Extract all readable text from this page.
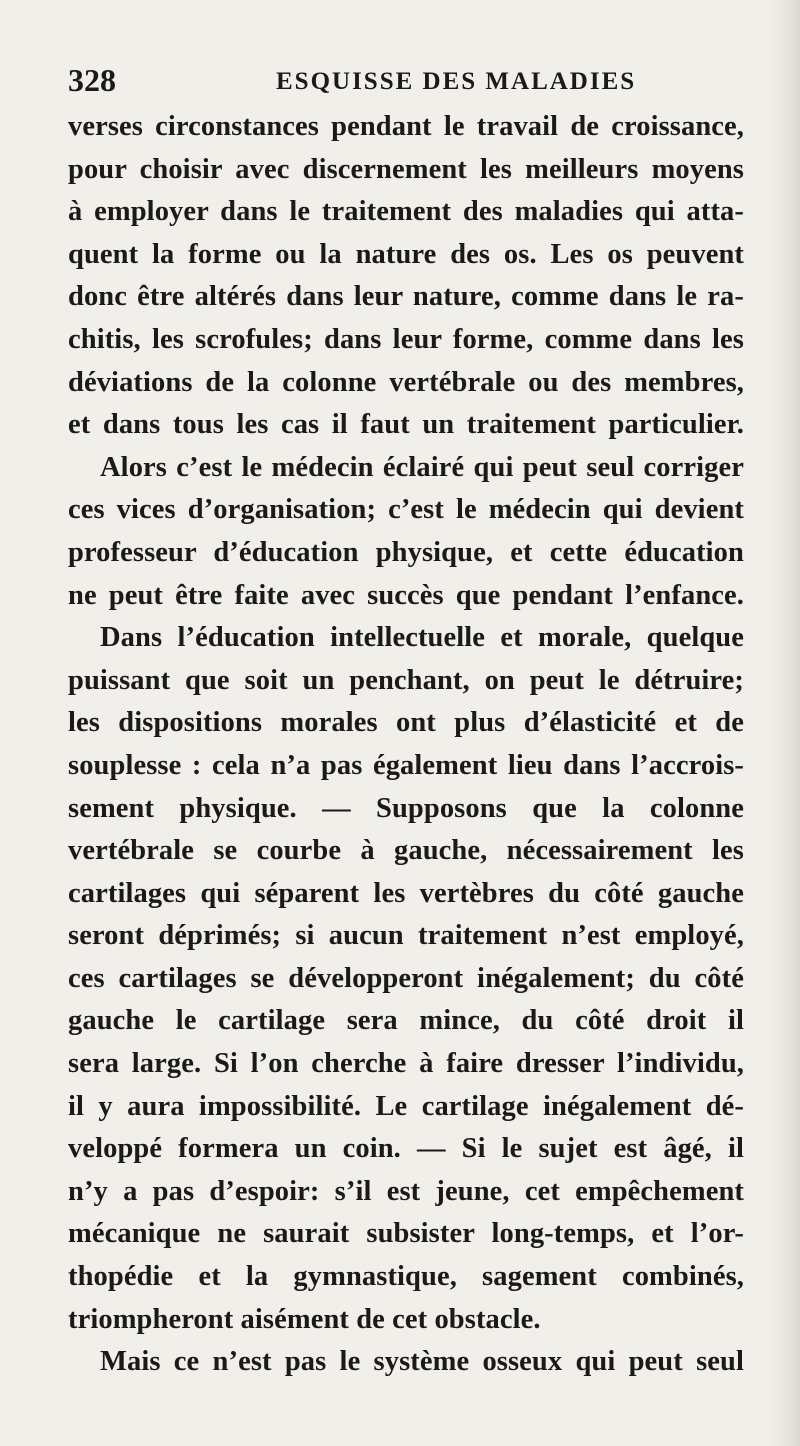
328	ESQUISSE DES MALADIES
verses circonstances pendant le travail de croissance,
pour choisir avec discernement les meilleurs moyens
à employer dans le traitement des maladies qui atta-
quent la forme ou la nature des os. Les os peuvent
donc être altérés dans leur nature, comme dans le ra-
chitis, les scrofules; dans leur forme, comme dans les
déviations de la colonne vertébrale ou des membres,
et dans tous les cas il faut un traitement particulier.
Alors c’est le médecin éclairé qui peut seul corriger
ces vices d’organisation; c’est le médecin qui devient
professeur d’éducation physique, et cette éducation
ne peut être faite avec succès que pendant l’enfance.
Dans l’éducation intellectuelle et morale, quelque
puissant que soit un penchant, on peut le détruire;
les dispositions morales ont plus d’élasticité et de
souplesse : cela n’a pas également lieu dans l’accrois-
sement physique. — Supposons que la colonne
vertébrale se courbe à gauche, nécessairement les
cartilages qui séparent les vertèbres du côté gauche
seront déprimés; si aucun traitement n’est employé,
ces cartilages se développeront inégalement; du côté
gauche le cartilage sera mince, du côté droit il
sera large. Si l’on cherche à faire dresser l’individu,
il y aura impossibilité. Le cartilage inégalement dé-
veloppé formera un coin. — Si le sujet est âgé, il
n’y a pas d’espoir: s’il est jeune, cet empêchement
mécanique ne saurait subsister long-temps, et l’or-
thopédie et la gymnastique, sagement combinés,
triompheront aisément de cet obstacle.
Mais ce n’est pas le système osseux qui peut seul
